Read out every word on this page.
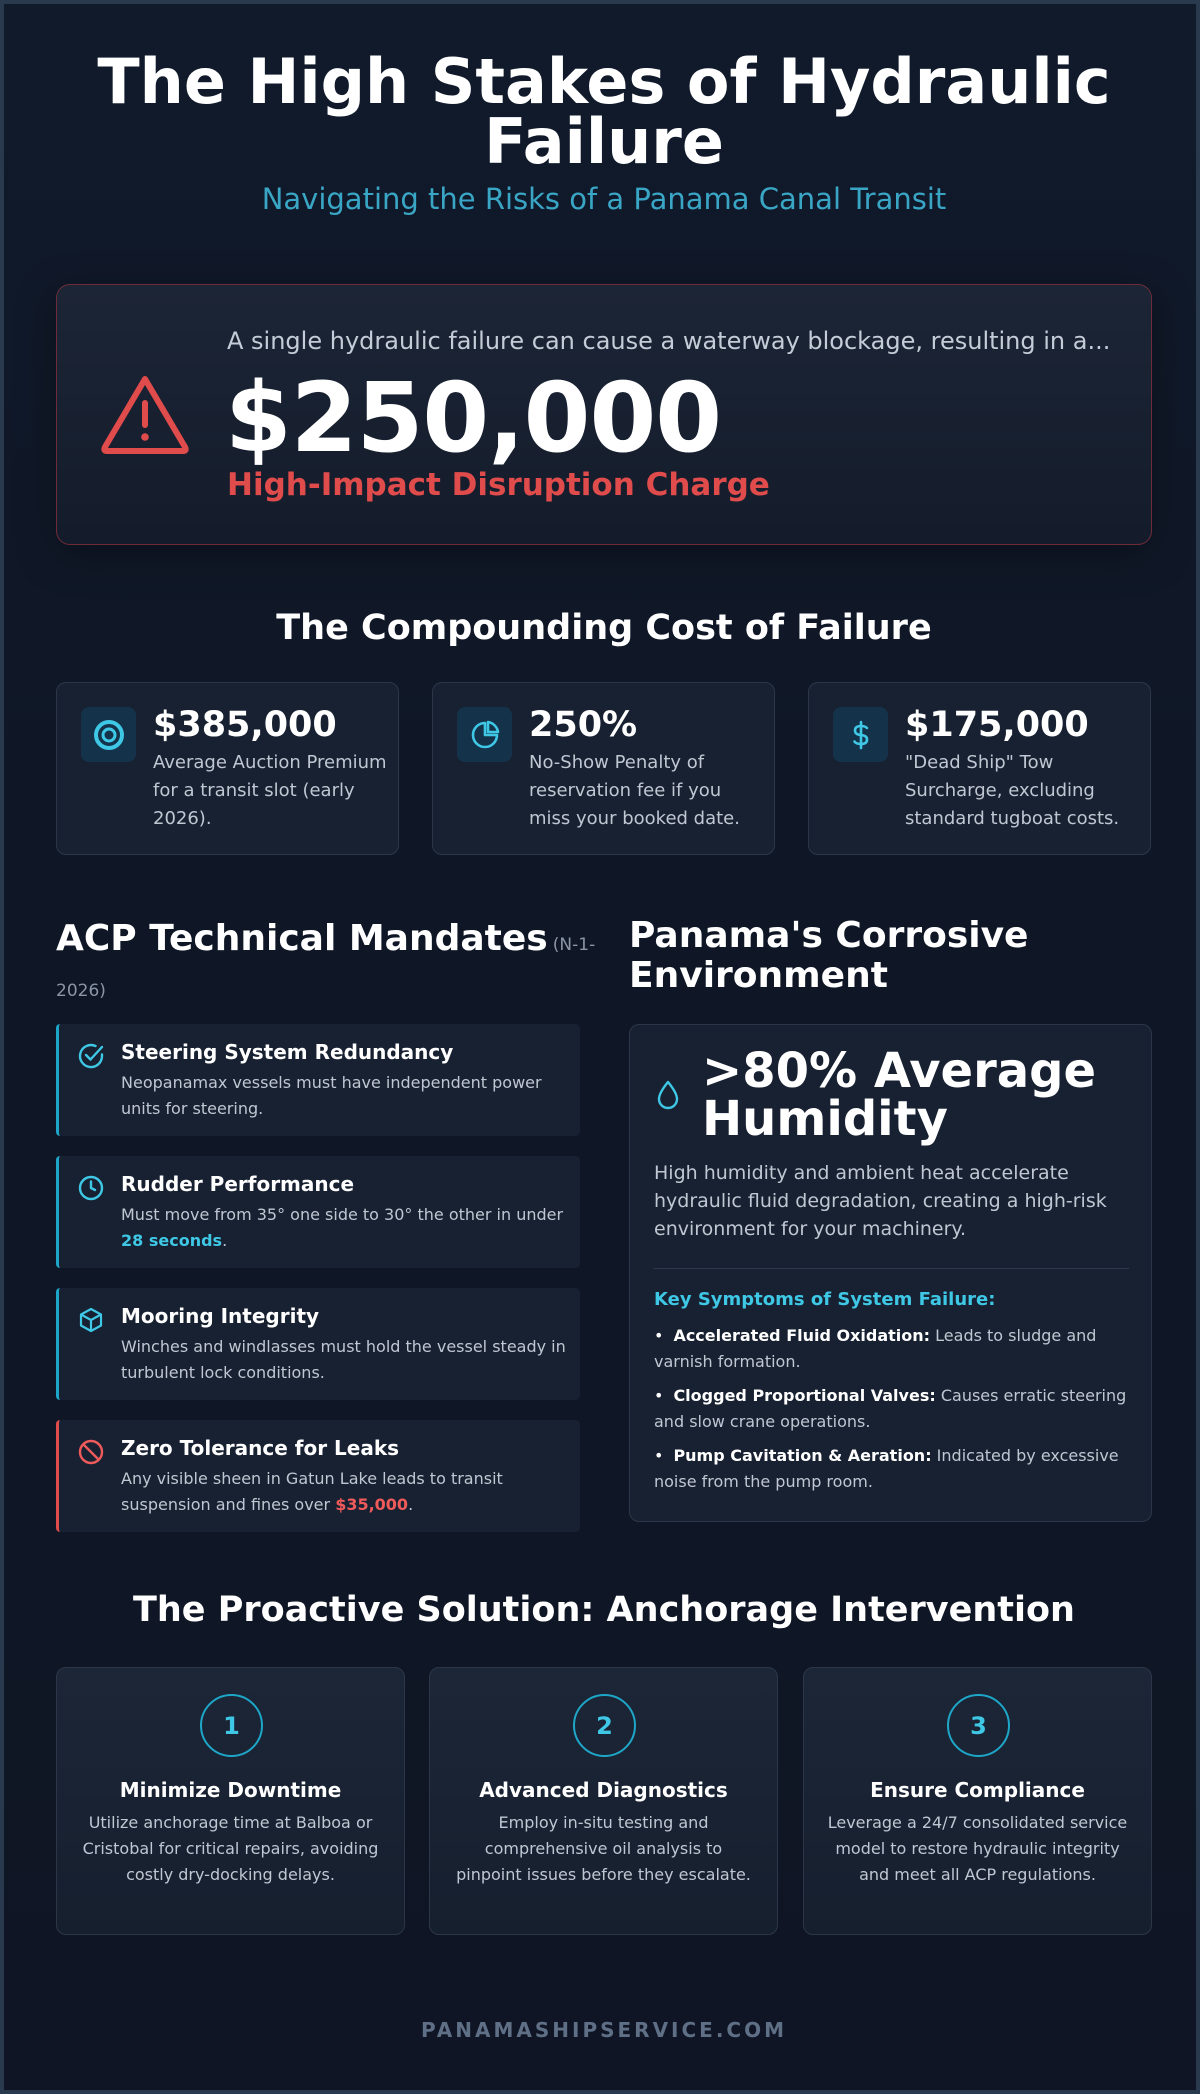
The High Stakes of Hydraulic Failure
Navigating the Risks of a Panama Canal Transit
A single hydraulic failure can cause a waterway blockage, resulting in a...
$250,000
High-Impact Disruption Charge
The Compounding Cost of Failure
$385,000
Average Auction Premium for a transit slot (early 2026).
250%
No-Show Penalty of reservation fee if you miss your booked date.
$175,000
"Dead Ship" Tow Surcharge, excluding standard tugboat costs.
ACP Technical Mandates (N-1-2026)
Steering System Redundancy
Neopanamax vessels must have independent power units for steering.
Rudder Performance
Must move from 35° one side to 30° the other in under 28 seconds.
Mooring Integrity
Winches and windlasses must hold the vessel steady in turbulent lock conditions.
Zero Tolerance for Leaks
Any visible sheen in Gatun Lake leads to transit suspension and fines over $35,000.
Panama's Corrosive Environment
>80% Average Humidity
High humidity and ambient heat accelerate hydraulic fluid degradation, creating a high-risk environment for your machinery.
Key Symptoms of System Failure:
• Accelerated Fluid Oxidation: Leads to sludge and varnish formation.
• Clogged Proportional Valves: Causes erratic steering and slow crane operations.
• Pump Cavitation & Aeration: Indicated by excessive noise from the pump room.
The Proactive Solution: Anchorage Intervention
1
Minimize Downtime
Utilize anchorage time at Balboa or Cristobal for critical repairs, avoiding costly dry-docking delays.
2
Advanced Diagnostics
Employ in-situ testing and comprehensive oil analysis to pinpoint issues before they escalate.
3
Ensure Compliance
Leverage a 24/7 consolidated service model to restore hydraulic integrity and meet all ACP regulations.
PANAMASHIPSERVICE.COM
